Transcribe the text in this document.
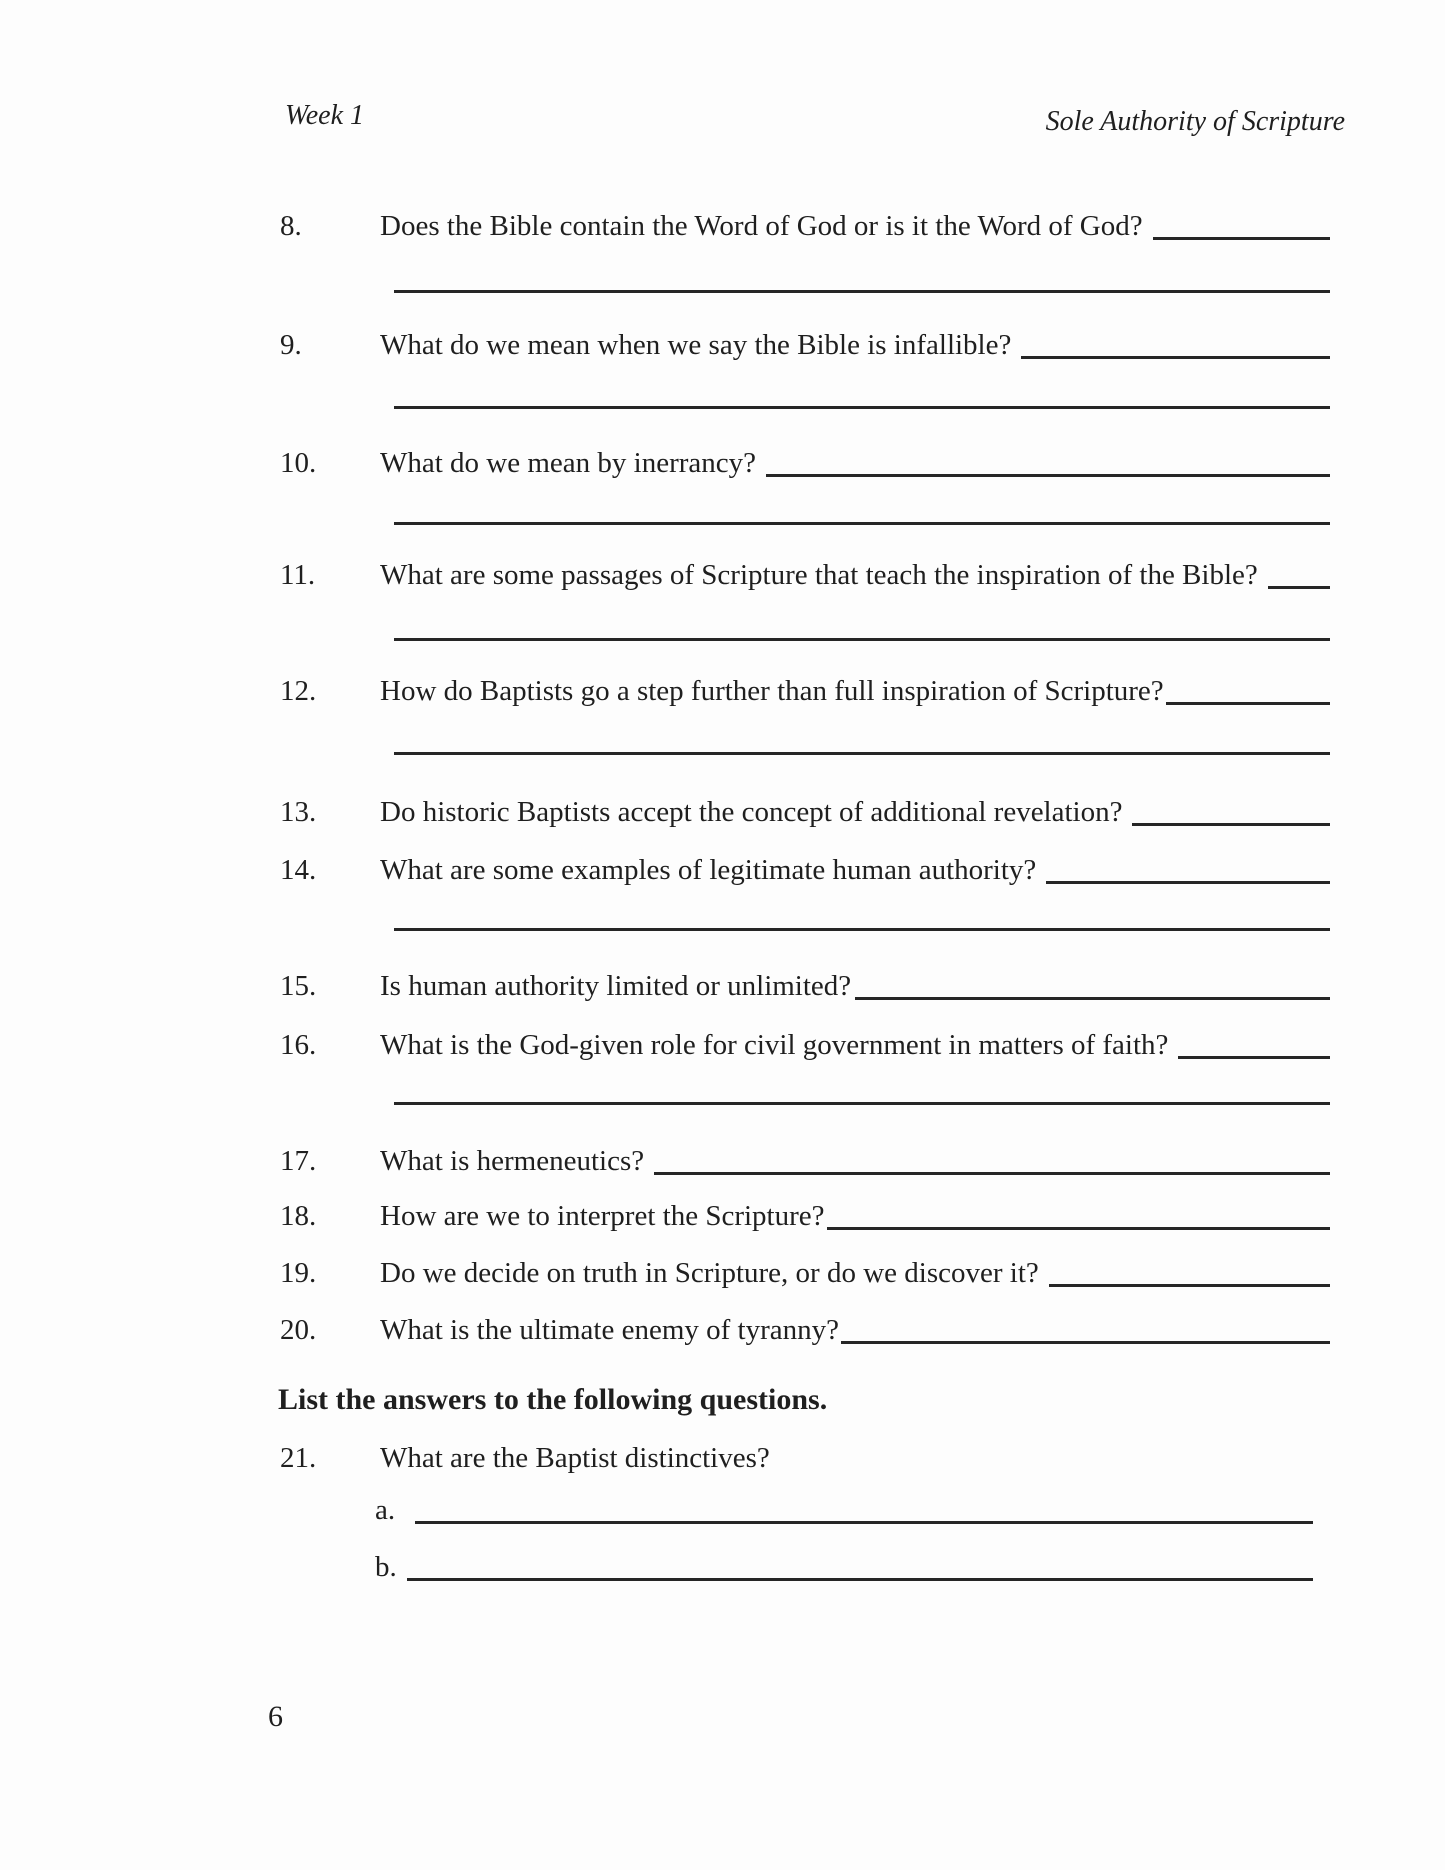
Week 1	Sole Authority of Scripture
8.	Does the Bible contain the Word of God or is it the Word of God?
9.	What do we mean when we say the Bible is infallible?
10.	What do we mean by inerrancy?
11.	What are some passages of Scripture that teach the inspiration of the Bible?
12.	How do Baptists go a step further than full inspiration of Scripture?
13.	Do historic Baptists accept the concept of additional revelation?
14.	What are some examples of legitimate human authority?
15.	Is human authority limited or unlimited?
16.	What is the God-given role for civil government in matters of faith?
17.	What is hermeneutics?
18.	How are we to interpret the Scripture?
19.	Do we decide on truth in Scripture, or do we discover it?
20.	What is the ultimate enemy of tyranny?
List the answers to the following questions.
21.	What are the Baptist distinctives?
a.
b.
6
